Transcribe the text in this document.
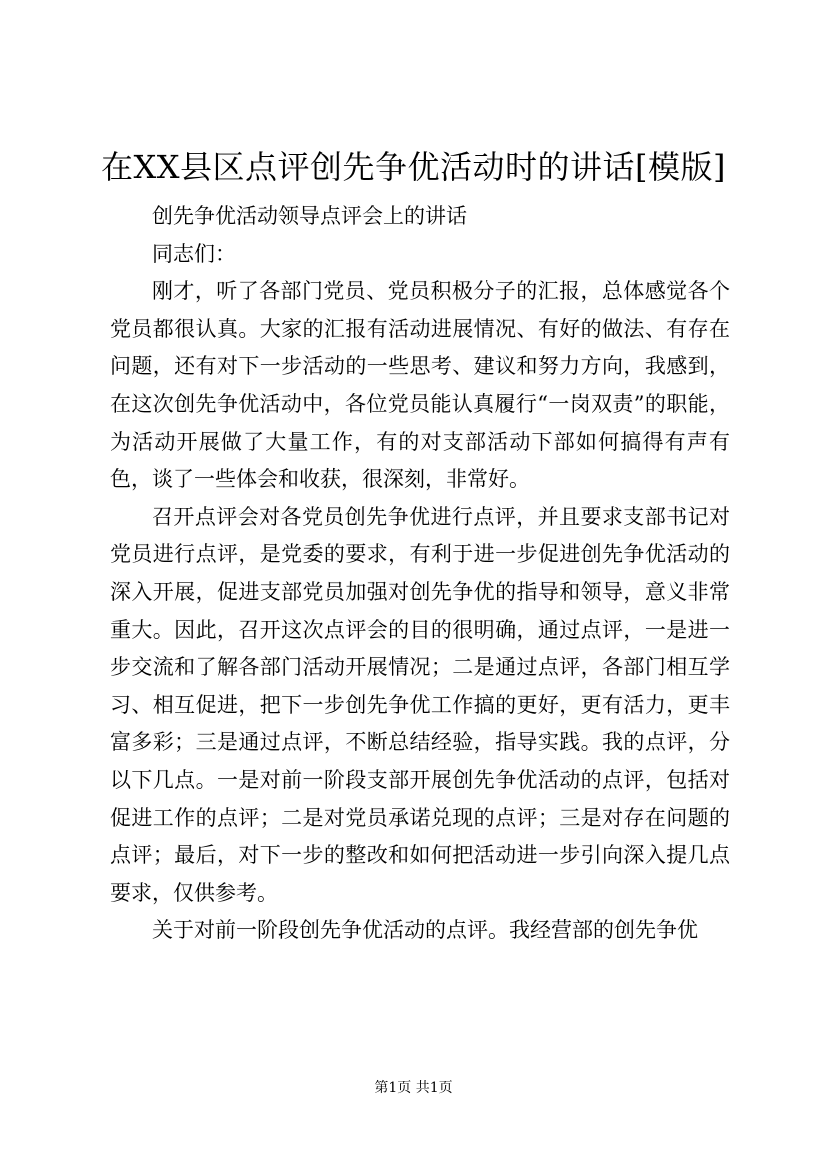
在XX县区点评创先争优活动时的讲话[模版]

创先争优活动领导点评会上的讲话

同志们：

刚才，听了各部门党员、党员积极分子的汇报，总体感觉各个党员都很认真。大家的汇报有活动进展情况、有好的做法、有存在问题，还有对下一步活动的一些思考、建议和努力方向，我感到，在这次创先争优活动中，各位党员能认真履行“一岗双责”的职能，为活动开展做了大量工作，有的对支部活动下部如何搞得有声有色，谈了一些体会和收获，很深刻，非常好。

召开点评会对各党员创先争优进行点评，并且要求支部书记对党员进行点评，是党委的要求，有利于进一步促进创先争优活动的深入开展，促进支部党员加强对创先争优的指导和领导，意义非常重大。因此，召开这次点评会的目的很明确，通过点评，一是进一步交流和了解各部门活动开展情况；二是通过点评，各部门相互学习、相互促进，把下一步创先争优工作搞的更好，更有活力，更丰富多彩；三是通过点评，不断总结经验，指导实践。我的点评，分以下几点。一是对前一阶段支部开展创先争优活动的点评，包括对促进工作的点评；二是对党员承诺兑现的点评；三是对存在问题的点评；最后，对下一步的整改和如何把活动进一步引向深入提几点要求，仅供参考。

关于对前一阶段创先争优活动的点评。我经营部的创先争优

第1页 共1页
